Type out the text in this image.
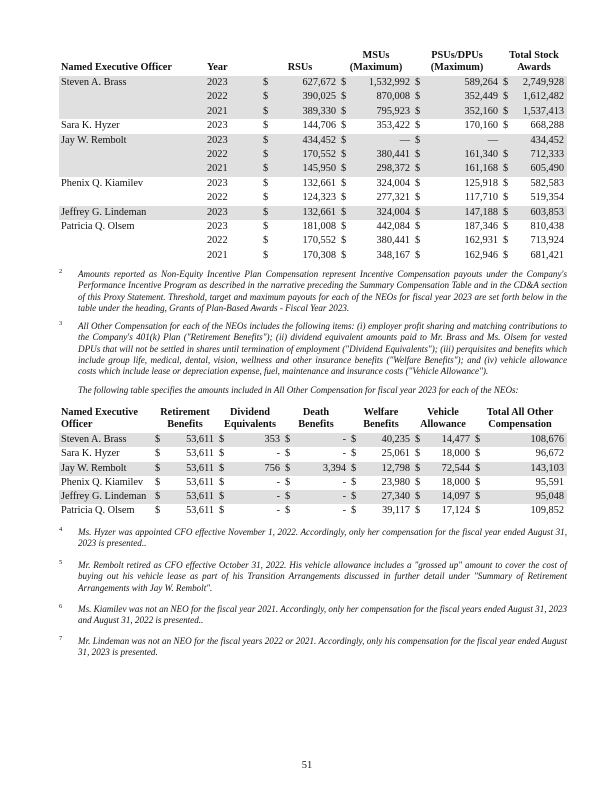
Named Executive Officer	Year	RSUs		MSUs
(Maximum)		PSUs/DPUs
(Maximum)		Total Stock
Awards	
Steven A. Brass	2023	$	627,672	$	1,532,992	$	589,264	$	2,749,928
	2022	$	390,025	$	870,008	$	352,449	$	1,612,482
	2021	$	389,330	$	795,923	$	352,160	$	1,537,413
Sara K. Hyzer	2023	$	144,706	$	353,422	$	170,160	$	668,288
Jay W. Rembolt	2023	$	434,452	$	—	$	—		434,452
	2022	$	170,552	$	380,441	$	161,340	$	712,333
	2021	$	145,950	$	298,372	$	161,168	$	605,490
Phenix Q. Kiamilev	2023	$	132,661	$	324,004	$	125,918	$	582,583
	2022	$	124,323	$	277,321	$	117,710	$	519,354
Jeffrey G. Lindeman	2023	$	132,661	$	324,004	$	147,188	$	603,853
Patricia Q. Olsem	2023	$	181,008	$	442,084	$	187,346	$	810,438
	2022	$	170,552	$	380,441	$	162,931	$	713,924
	2021	$	170,308	$	348,167	$	162,946	$	681,421
2 Amounts reported as Non-Equity Incentive Plan Compensation represent Incentive Compensation payouts under the Company's Performance Incentive Program as described in the narrative preceding the Summary Compensation Table and in the CD&A section of this Proxy Statement. Threshold, target and maximum payouts for each of the NEOs for fiscal year 2023 are set forth below in the table under the heading, Grants of Plan-Based Awards - Fiscal Year 2023.
3 All Other Compensation for each of the NEOs includes the following items: (i) employer profit sharing and matching contributions to the Company's 401(k) Plan ("Retirement Benefits"); (ii) dividend equivalent amounts paid to Mr. Brass and Ms. Olsem for vested DPUs that will not be settled in shares until termination of employment ("Dividend Equivalents"); (iii) perquisites and benefits which include group life, medical, dental, vision, wellness and other insurance benefits ("Welfare Benefits"); and (iv) vehicle allowance costs which include lease or depreciation expense, fuel, maintenance and insurance costs ("Vehicle Allowance").
The following table specifies the amounts included in All Other Compensation for fiscal year 2023 for each of the NEOs:
Named Executive
Officer	Retirement
Benefits		Dividend
Equivalents		Death
Benefits		Welfare
Benefits		Vehicle
Allowance		Total All Other
Compensation	
Steven A. Brass	$	53,611	$	353	$	-	$	40,235	$	14,477	$	108,676
Sara K. Hyzer	$	53,611	$	-	$	-	$	25,061	$	18,000	$	96,672
Jay W. Rembolt	$	53,611	$	756	$	3,394	$	12,798	$	72,544	$	143,103
Phenix Q. Kiamilev	$	53,611	$	-	$	-	$	23,980	$	18,000	$	95,591
Jeffrey G. Lindeman	$	53,611	$	-	$	-	$	27,340	$	14,097	$	95,048
Patricia Q. Olsem	$	53,611	$	-	$	-	$	39,117	$	17,124	$	109,852
4 Ms. Hyzer was appointed CFO effective November 1, 2022. Accordingly, only her compensation for the fiscal year ended August 31, 2023 is presented..
5 Mr. Rembolt retired as CFO effective October 31, 2022. His vehicle allowance includes a "grossed up" amount to cover the cost of buying out his vehicle lease as part of his Transition Arrangements discussed in further detail under "Summary of Retirement Arrangements with Jay W. Rembolt".
6 Ms. Kiamilev was not an NEO for the fiscal year 2021. Accordingly, only her compensation for the fiscal years ended August 31, 2023 and August 31, 2022 is presented..
7 Mr. Lindeman was not an NEO for the fiscal years 2022 or 2021. Accordingly, only his compensation for the fiscal year ended August 31, 2023 is presented.
51
